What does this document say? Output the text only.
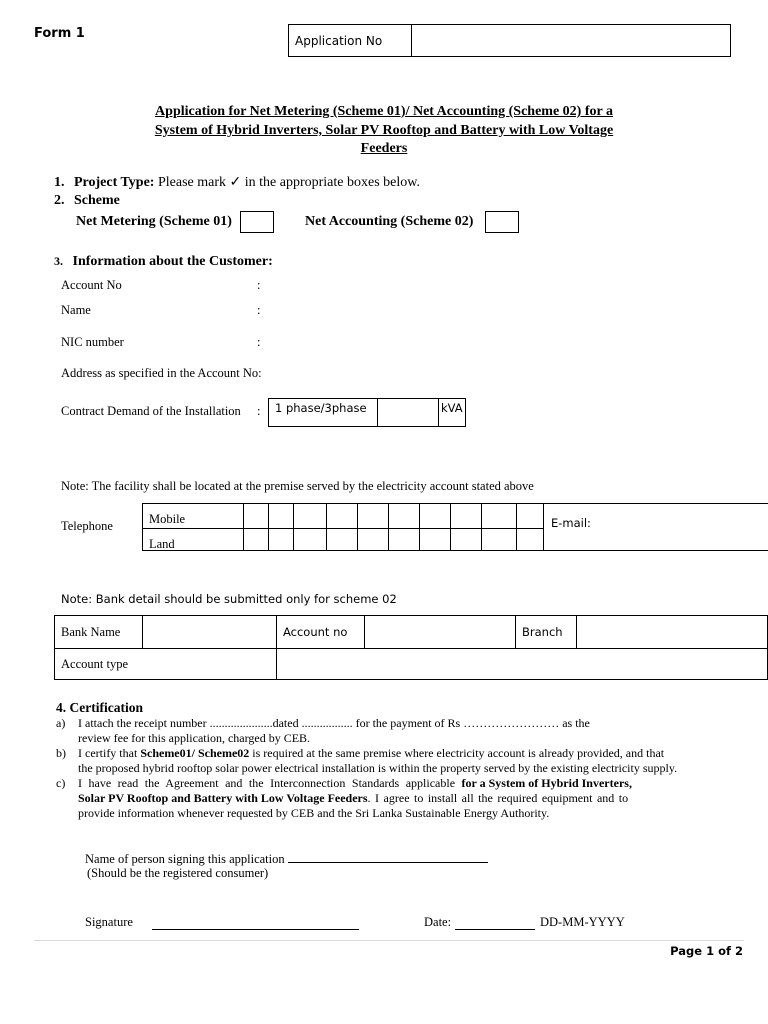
Form 1	Application No	
Application for Net Metering (Scheme 01)/ Net Accounting (Scheme 02) for a
System of Hybrid Inverters, Solar PV Rooftop and Battery with Low Voltage
Feeders
1. Project Type: Please mark ✓ in the appropriate boxes below.
2. Scheme
Net Metering (Scheme 01)	Net Accounting (Scheme 02)
3. Information about the Customer:
Account No	:
Name	:
NIC number	:
Address as specified in the Account No:
Contract Demand of the Installation : 1 phase/3phase		kVA
Note: The facility shall be located at the premise served by the electricity account stated above
Telephone	Mobile
Land
E-mail:
Note: Bank detail should be submitted only for scheme 02
Bank Name		Account no		Branch	
Account type					
4. Certification
a) I attach the receipt number .....................dated ................. for the payment of Rs …………………… as the
review fee for this application, charged by CEB.
b) I certify that Scheme01/ Scheme02 is required at the same premise where electricity account is already provided, and that
the proposed hybrid rooftop solar power electrical installation is within the property served by the existing electricity supply.
c) I have read the Agreement and the Interconnection Standards applicable for a System of Hybrid Inverters,
Solar PV Rooftop and Battery with Low Voltage Feeders. I agree to install all the required equipment and to
provide information whenever requested by CEB and the Sri Lanka Sustainable Energy Authority.
Name of person signing this application
(Should be the registered consumer)
Signature	Date:	DD-MM-YYYY
Page 1 of 2
